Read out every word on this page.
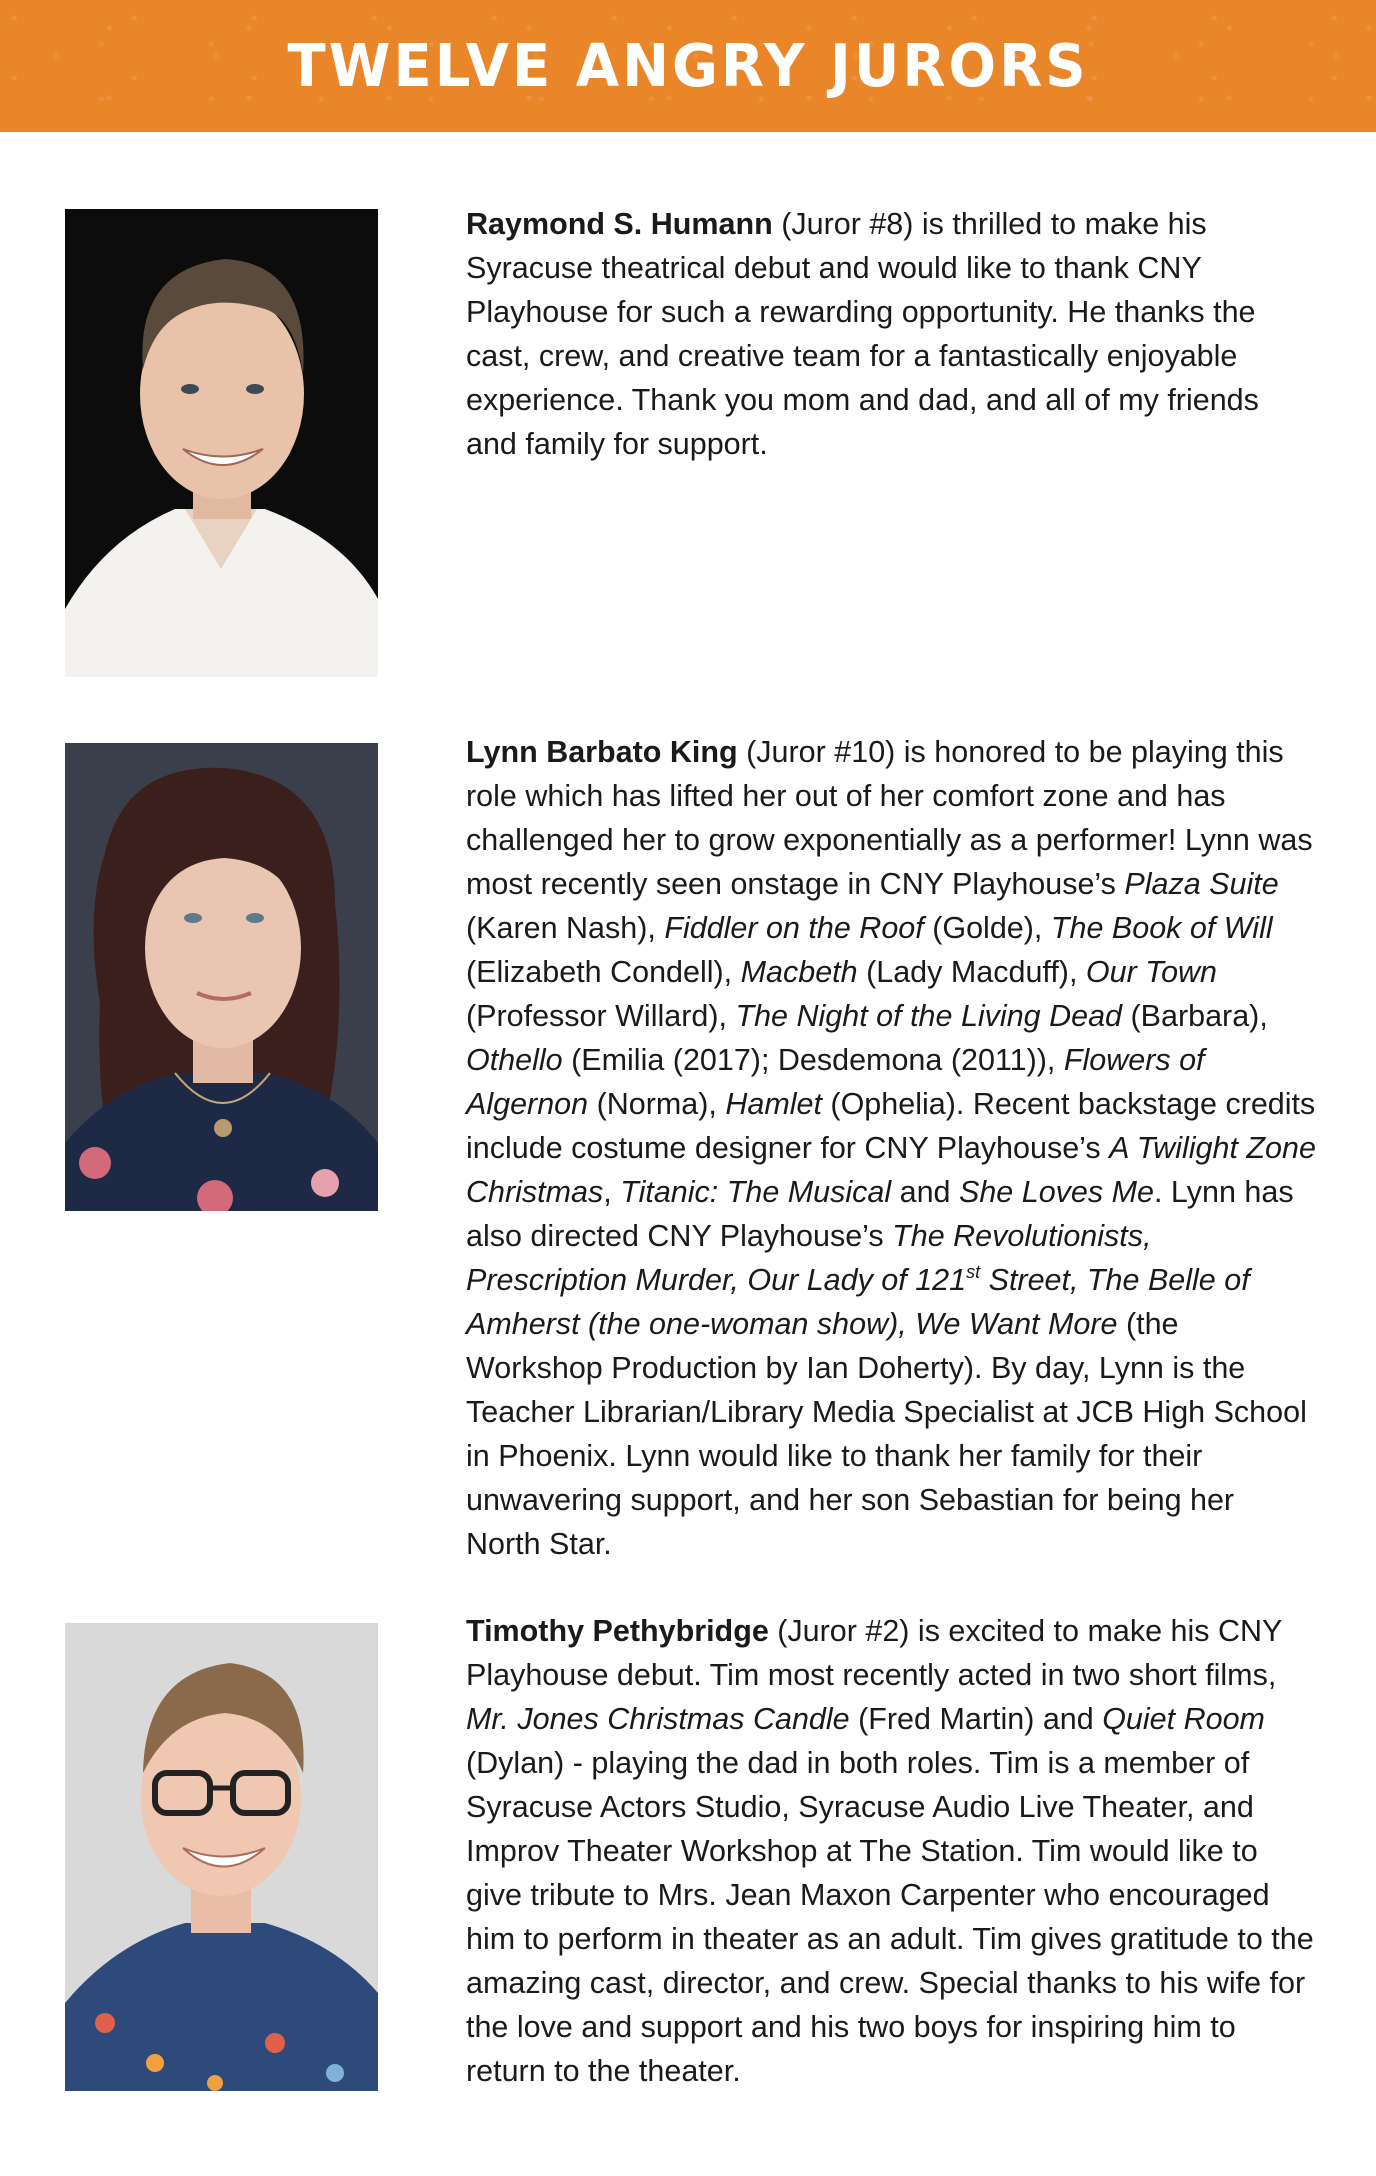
TWELVE ANGRY JURORS

Raymond S. Humann (Juror #8) is thrilled to make his Syracuse theatrical debut and would like to thank CNY Playhouse for such a rewarding opportunity. He thanks the cast, crew, and creative team for a fantastically enjoyable experience. Thank you mom and dad, and all of my friends and family for support.

Lynn Barbato King (Juror #10) is honored to be playing this role which has lifted her out of her comfort zone and has challenged her to grow exponentially as a performer! Lynn was most recently seen onstage in CNY Playhouse’s Plaza Suite (Karen Nash), Fiddler on the Roof (Golde), The Book of Will (Elizabeth Condell), Macbeth (Lady Macduff), Our Town (Professor Willard), The Night of the Living Dead (Barbara), Othello (Emilia (2017); Desdemona (2011)), Flowers of Algernon (Norma), Hamlet (Ophelia). Recent backstage credits include costume designer for CNY Playhouse’s A Twilight Zone Christmas, Titanic: The Musical and She Loves Me. Lynn has also directed CNY Playhouse’s The Revolutionists, Prescription Murder, Our Lady of 121st Street, The Belle of Amherst (the one-woman show), We Want More (the Workshop Production by Ian Doherty). By day, Lynn is the Teacher Librarian/Library Media Specialist at JCB High School in Phoenix. Lynn would like to thank her family for their unwavering support, and her son Sebastian for being her North Star.

Timothy Pethybridge (Juror #2) is excited to make his CNY Playhouse debut. Tim most recently acted in two short films, Mr. Jones Christmas Candle (Fred Martin) and Quiet Room (Dylan) - playing the dad in both roles. Tim is a member of Syracuse Actors Studio, Syracuse Audio Live Theater, and Improv Theater Workshop at The Station. Tim would like to give tribute to Mrs. Jean Maxon Carpenter who encouraged him to perform in theater as an adult. Tim gives gratitude to the amazing cast, director, and crew. Special thanks to his wife for the love and support and his two boys for inspiring him to return to the theater.
